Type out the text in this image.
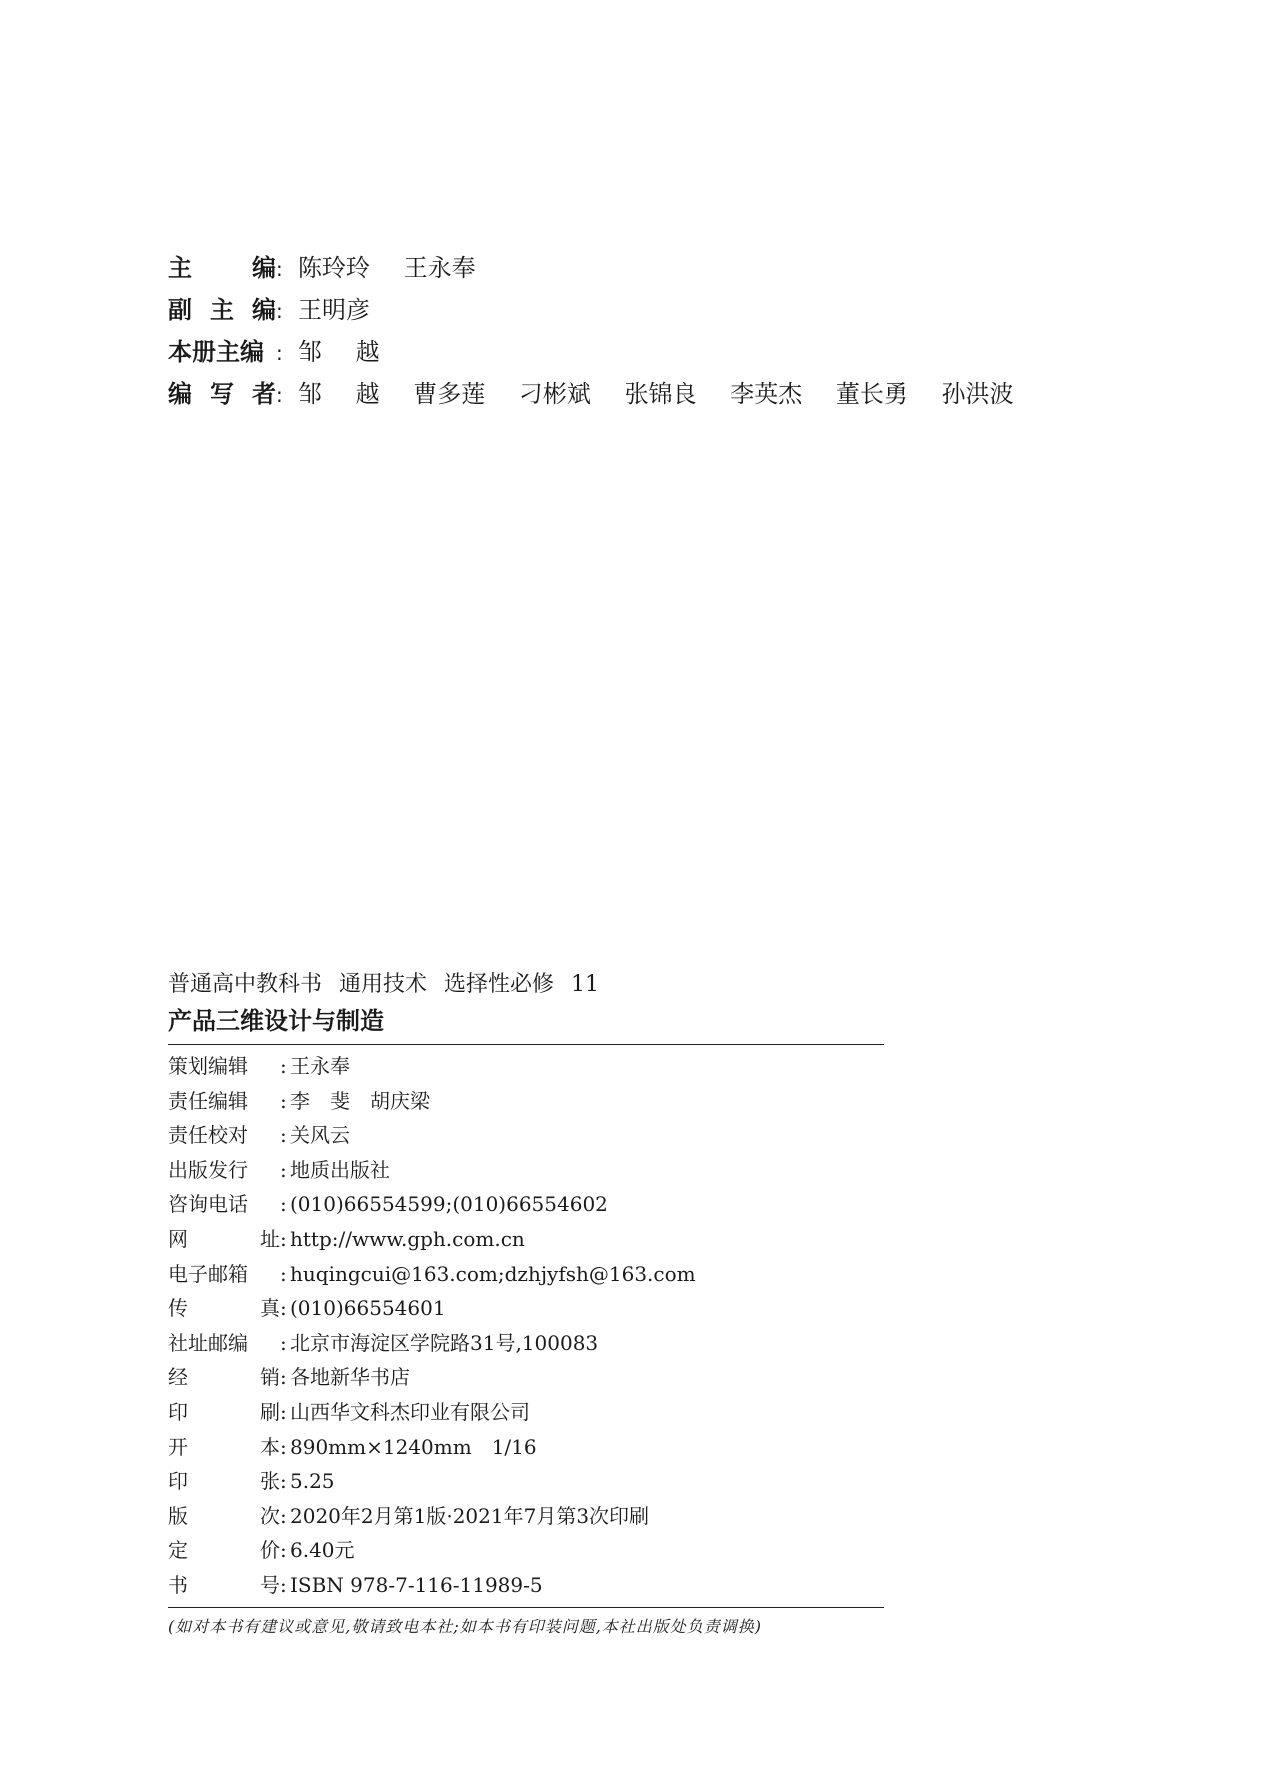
主	编 : 陈玲玲 王永奉
副 主 编 : 王明彦
本册主编 : 邹 越
编 写 者 : 邹 越 曹多莲 刁彬斌 张锦良 李英杰 董长勇 孙洪波
普通高中教科书 通用技术 选择性必修 11
产品三维设计与制造
策划编辑 : 王永奉
责任编辑 : 李　斐　胡庆梁
责任校对 : 关风云
出版发行 : 地质出版社
咨询电话 : (010)66554599;(010)66554602
网	址 : http://www.gph.com.cn
电子邮箱 : huqingcui@163.com;dzhjyfsh@163.com
传	真 : (010)66554601
社址邮编 : 北京市海淀区学院路31号,100083
经	销 : 各地新华书店
印	刷 : 山西华文科杰印业有限公司
开	本 : 890mm×1240mm　1/16
印	张 : 5.25
版	次 : 2020年2月第1版·2021年7月第3次印刷
定	价 : 6.40元
书	号 : ISBN 978-7-116-11989-5
(如对本书有建议或意见,敬请致电本社;如本书有印装问题,本社出版处负责调换)
